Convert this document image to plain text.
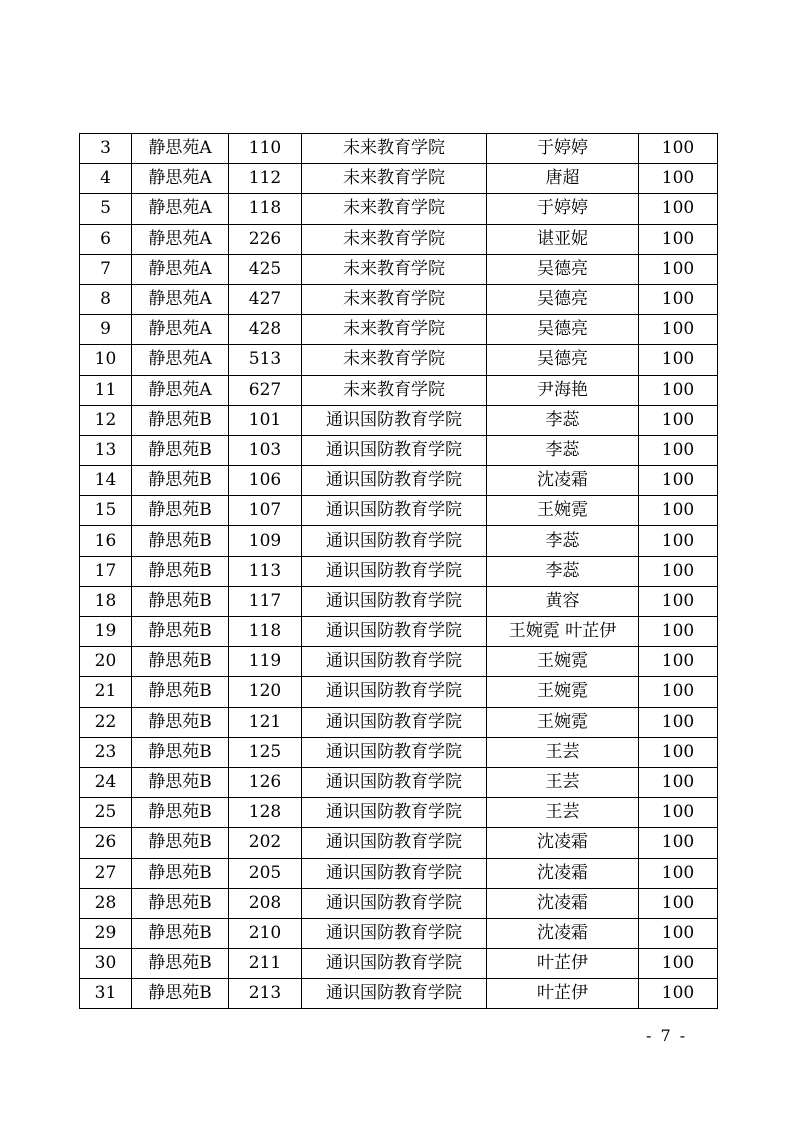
3	静思苑A	110	未来教育学院	于婷婷	100
4	静思苑A	112	未来教育学院	唐超	100
5	静思苑A	118	未来教育学院	于婷婷	100
6	静思苑A	226	未来教育学院	谌亚妮	100
7	静思苑A	425	未来教育学院	吴德亮	100
8	静思苑A	427	未来教育学院	吴德亮	100
9	静思苑A	428	未来教育学院	吴德亮	100
10	静思苑A	513	未来教育学院	吴德亮	100
11	静思苑A	627	未来教育学院	尹海艳	100
12	静思苑B	101	通识国防教育学院	李蕊	100
13	静思苑B	103	通识国防教育学院	李蕊	100
14	静思苑B	106	通识国防教育学院	沈凌霜	100
15	静思苑B	107	通识国防教育学院	王婉霓	100
16	静思苑B	109	通识国防教育学院	李蕊	100
17	静思苑B	113	通识国防教育学院	李蕊	100
18	静思苑B	117	通识国防教育学院	黄容	100
19	静思苑B	118	通识国防教育学院	王婉霓 叶芷伊	100
20	静思苑B	119	通识国防教育学院	王婉霓	100
21	静思苑B	120	通识国防教育学院	王婉霓	100
22	静思苑B	121	通识国防教育学院	王婉霓	100
23	静思苑B	125	通识国防教育学院	王芸	100
24	静思苑B	126	通识国防教育学院	王芸	100
25	静思苑B	128	通识国防教育学院	王芸	100
26	静思苑B	202	通识国防教育学院	沈凌霜	100
27	静思苑B	205	通识国防教育学院	沈凌霜	100
28	静思苑B	208	通识国防教育学院	沈凌霜	100
29	静思苑B	210	通识国防教育学院	沈凌霜	100
30	静思苑B	211	通识国防教育学院	叶芷伊	100
31	静思苑B	213	通识国防教育学院	叶芷伊	100
- 7 -
